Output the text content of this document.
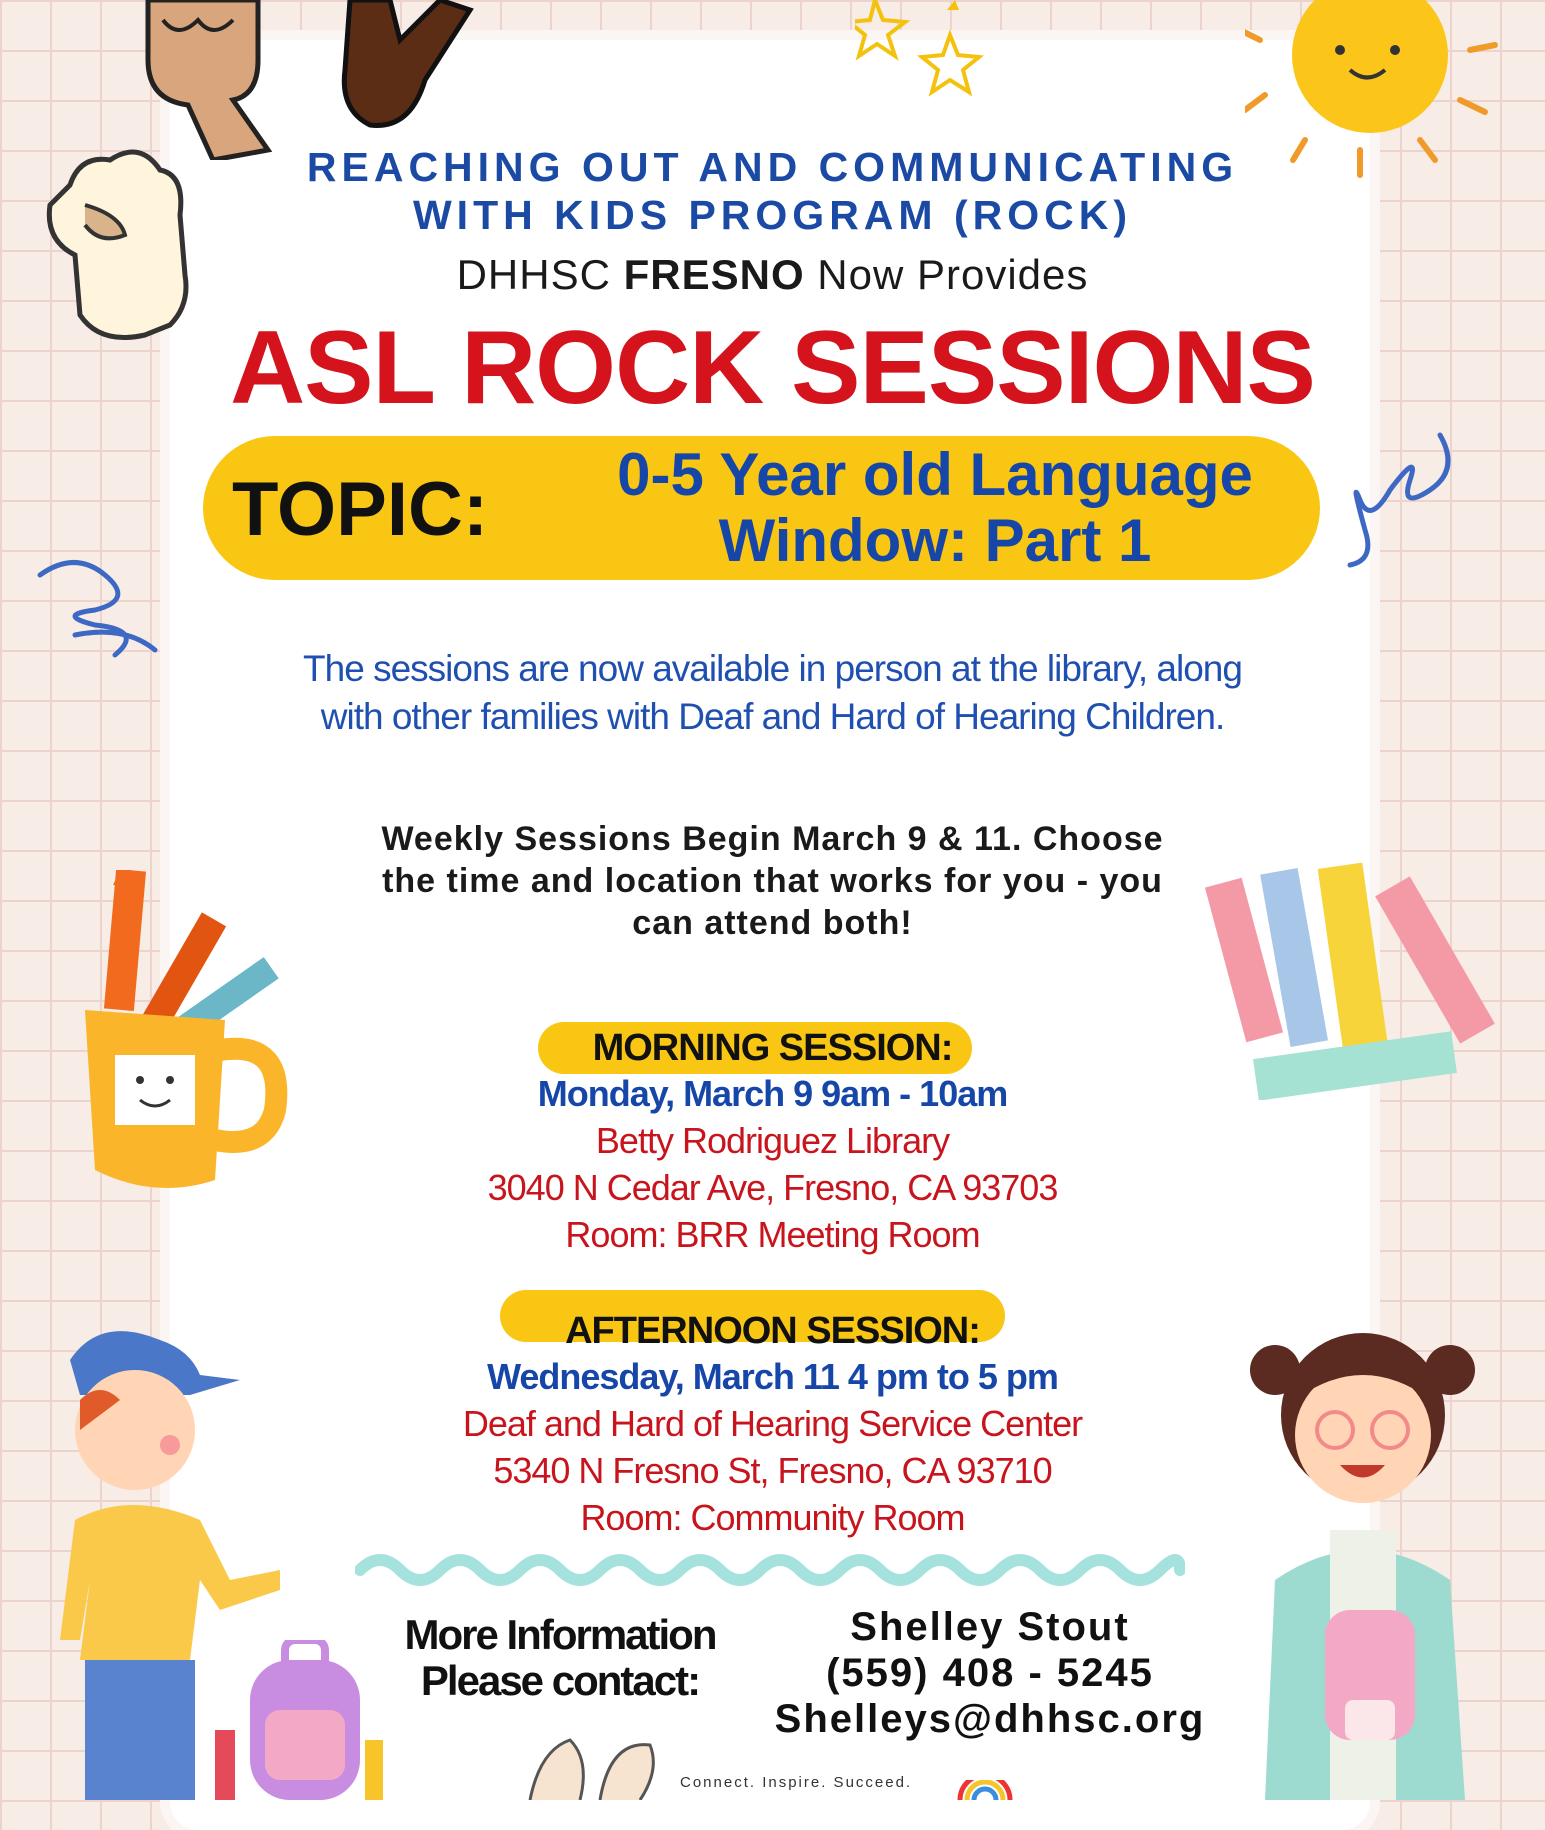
REACHING OUT AND COMMUNICATING
WITH KIDS PROGRAM (ROCK)
DHHSC FRESNO Now Provides
ASL ROCK SESSIONS
TOPIC:	0-5 Year old Language
Window: Part 1
The sessions are now available in person at the library, along
with other families with Deaf and Hard of Hearing Children.
Weekly Sessions Begin March 9 & 11. Choose
the time and location that works for you - you
can attend both!
MORNING SESSION:
Monday, March 9 9am - 10am
Betty Rodriguez Library
3040 N Cedar Ave, Fresno, CA 93703
Room: BRR Meeting Room
AFTERNOON SESSION:
Wednesday, March 11 4 pm to 5 pm
Deaf and Hard of Hearing Service Center
5340 N Fresno St, Fresno, CA 93710
Room: Community Room
More Information
Please contact:
Shelley Stout
(559) 408 - 5245
Shelleys@dhhsc.org
Connect. Inspire. Succeed.
